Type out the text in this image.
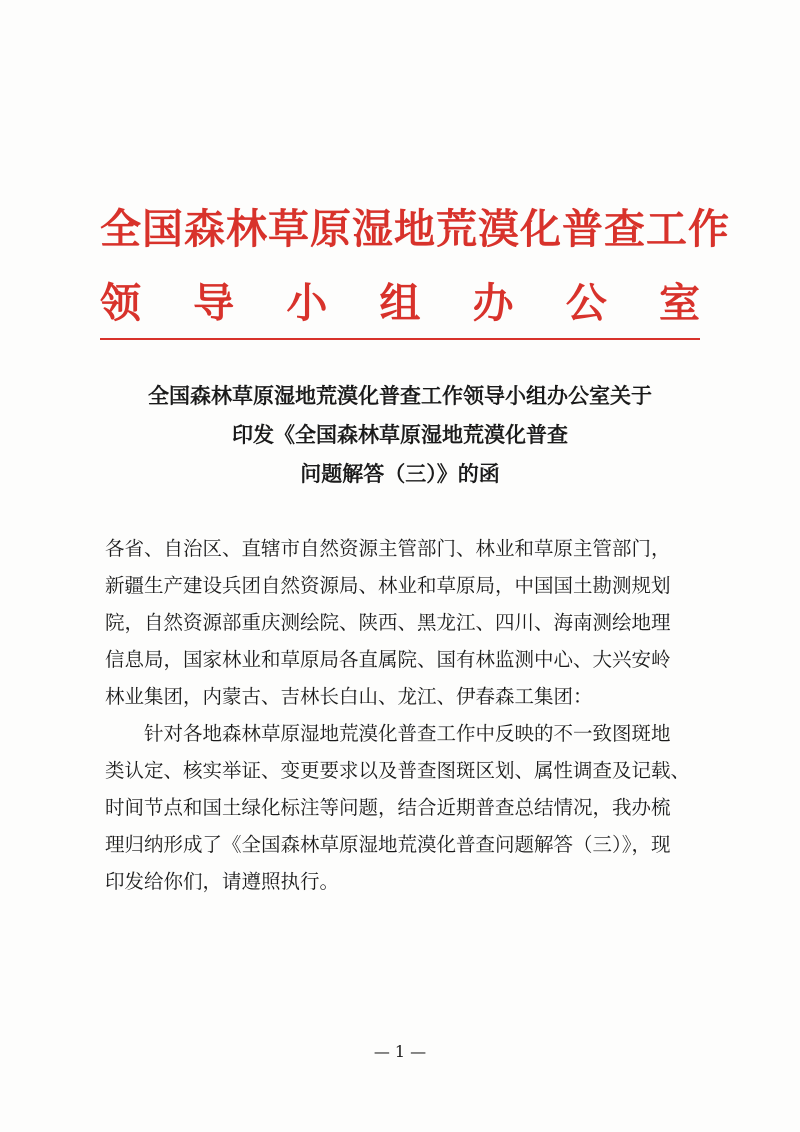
全国森林草原湿地荒漠化普查工作
领 导 小 组 办 公 室
全国森林草原湿地荒漠化普查工作领导小组办公室关于
印发《全国森林草原湿地荒漠化普查
问题解答（三）》的函
各省、自治区、直辖市自然资源主管部门、林业和草原主管部门，
新疆生产建设兵团自然资源局、林业和草原局，中国国土勘测规划
院，自然资源部重庆测绘院、陕西、黑龙江、四川、海南测绘地理
信息局，国家林业和草原局各直属院、国有林监测中心、大兴安岭
林业集团，内蒙古、吉林长白山、龙江、伊春森工集团：
　　针对各地森林草原湿地荒漠化普查工作中反映的不一致图斑地
类认定、核实举证、变更要求以及普查图斑区划、属性调查及记载、
时间节点和国土绿化标注等问题，结合近期普查总结情况，我办梳
理归纳形成了《全国森林草原湿地荒漠化普查问题解答（三）》，现
印发给你们，请遵照执行。
— 1 —
